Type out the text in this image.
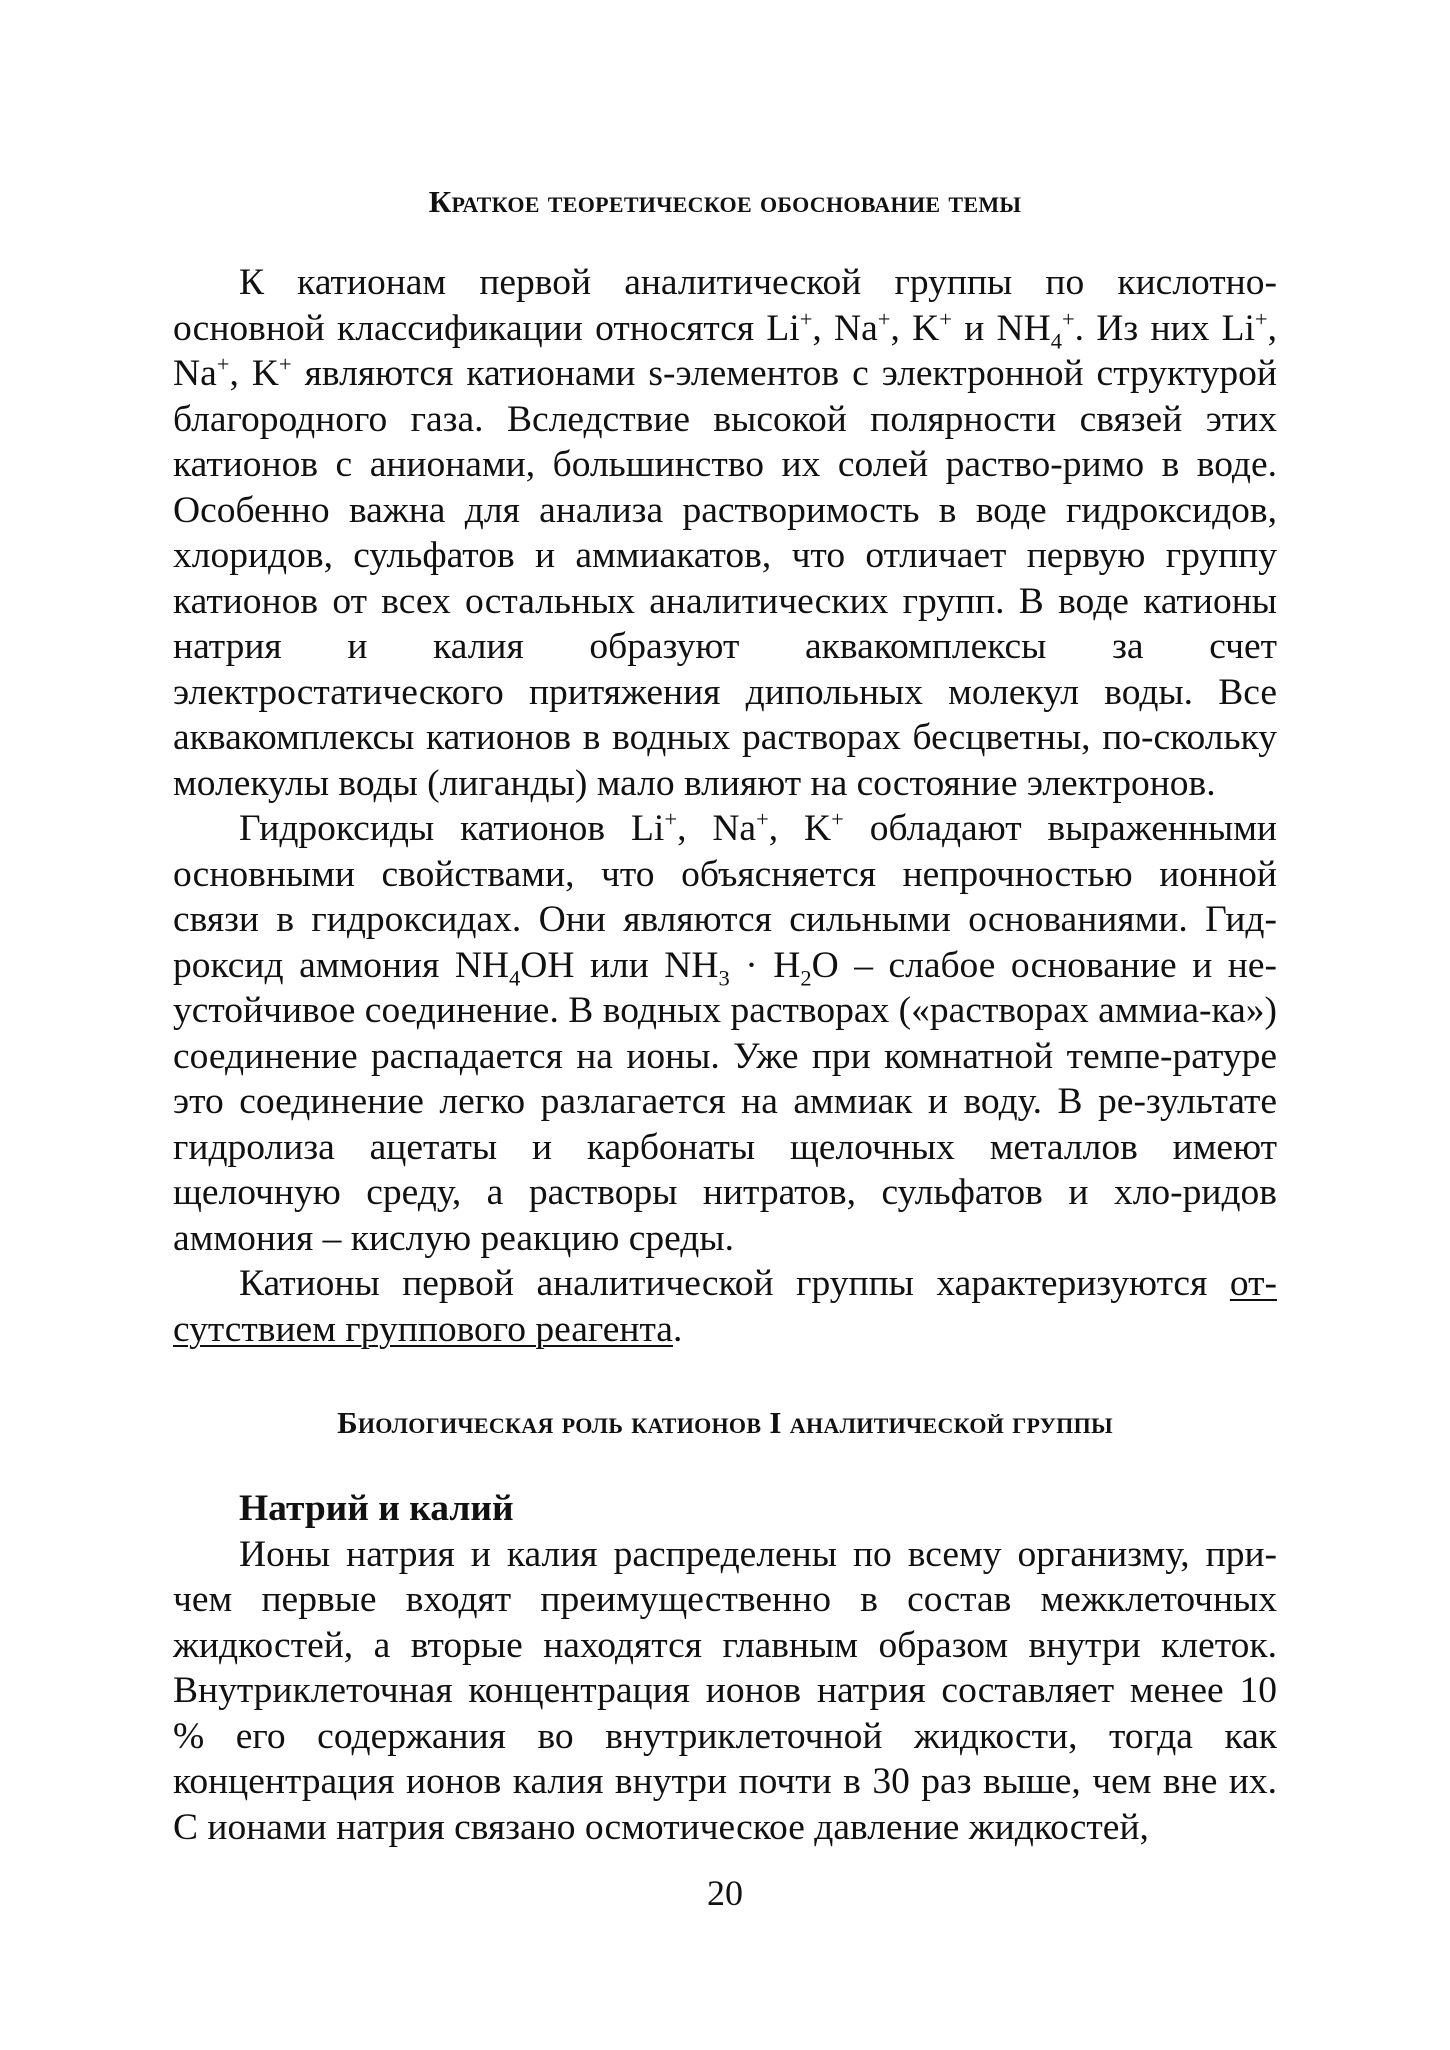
Краткое теоретическое обоснование темы

К катионам первой аналитической группы по кислотно-основной классификации относятся Li+, Na+, K+ и $NH_4^+$. Из них Li+, Na+, K+ являются катионами s-элементов с электронной структурой благородного газа. Вследствие высокой полярности связей этих катионов с анионами, большинство их солей раство-римо в воде. Особенно важна для анализа растворимость в воде гидроксидов, хлоридов, сульфатов и аммиакатов, что отличает первую группу катионов от всех остальных аналитических групп. В воде катионы натрия и калия образуют аквакомплексы за счет электростатического притяжения дипольных молекул воды. Все аквакомплексы катионов в водных растворах бесцветны, по-скольку молекулы воды (лиганды) мало влияют на состояние электронов.

Гидроксиды катионов Li+, Na+, K+ обладают выраженными основными свойствами, что объясняется непрочностью ионной связи в гидроксидах. Они являются сильными основаниями. Гид-роксид аммония $NH_4OH$ или $NH_3 \cdot H_2O$ – слабое основание и не-устойчивое соединение. В водных растворах («растворах аммиа-ка») соединение распадается на ионы. Уже при комнатной темпе-ратуре это соединение легко разлагается на аммиак и воду. В ре-зультате гидролиза ацетаты и карбонаты щелочных металлов имеют щелочную среду, а растворы нитратов, сульфатов и хло-ридов аммония – кислую реакцию среды.

Катионы первой аналитической группы характеризуются от-сутствием группового реагента.

Биологическая роль катионов I аналитической группы

Натрий и калий

Ионы натрия и калия распределены по всему организму, при-чем первые входят преимущественно в состав межклеточных жидкостей, а вторые находятся главным образом внутри клеток. Внутриклеточная концентрация ионов натрия составляет менее 10 % его содержания во внутриклеточной жидкости, тогда как концентрация ионов калия внутри почти в 30 раз выше, чем вне их. С ионами натрия связано осмотическое давление жидкостей,

20
